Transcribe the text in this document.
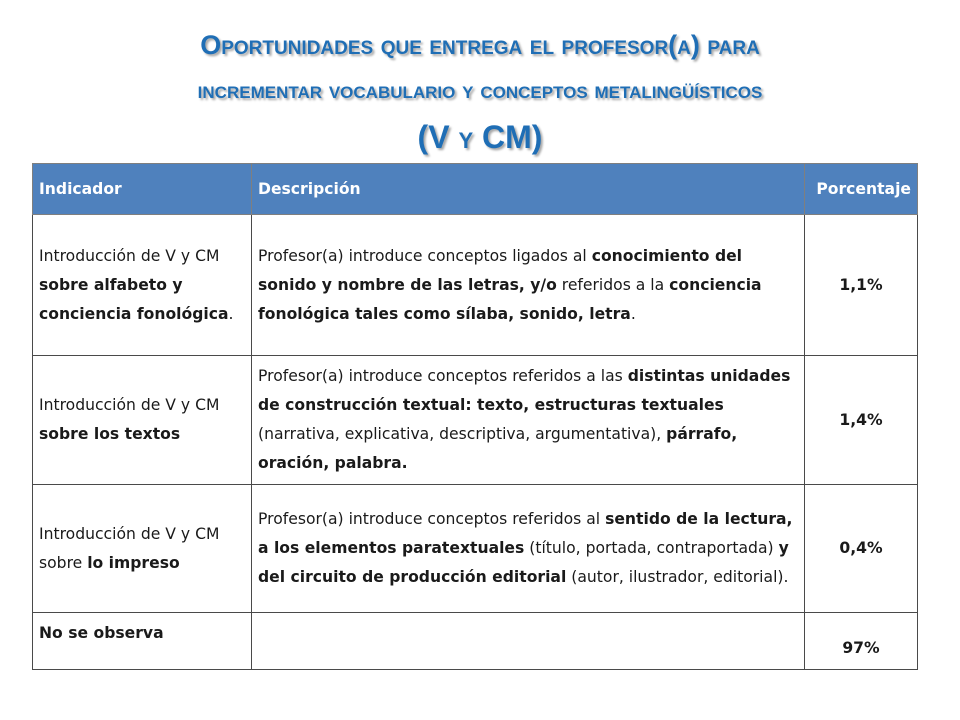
Oportunidades que entrega el profesor(a) para
incrementar vocabulario y conceptos metalingüísticos
(V y CM)
Indicador	Descripción	Porcentaje
Introducción de V y CM sobre alfabeto y conciencia fonológica.	Profesor(a) introduce conceptos ligados al conocimiento del sonido y nombre de las letras, y/o referidos a la conciencia fonológica tales como sílaba, sonido, letra.	1,1%
Introducción de V y CM sobre los textos	Profesor(a) introduce conceptos referidos a las distintas unidades de construcción textual: texto, estructuras textuales (narrativa, explicativa, descriptiva, argumentativa), párrafo, oración, palabra.	1,4%
Introducción de V y CM sobre lo impreso	Profesor(a) introduce conceptos referidos al sentido de la lectura, a los elementos paratextuales (título, portada, contraportada) y del circuito de producción editorial (autor, ilustrador, editorial).	0,4%
No se observa		97%
